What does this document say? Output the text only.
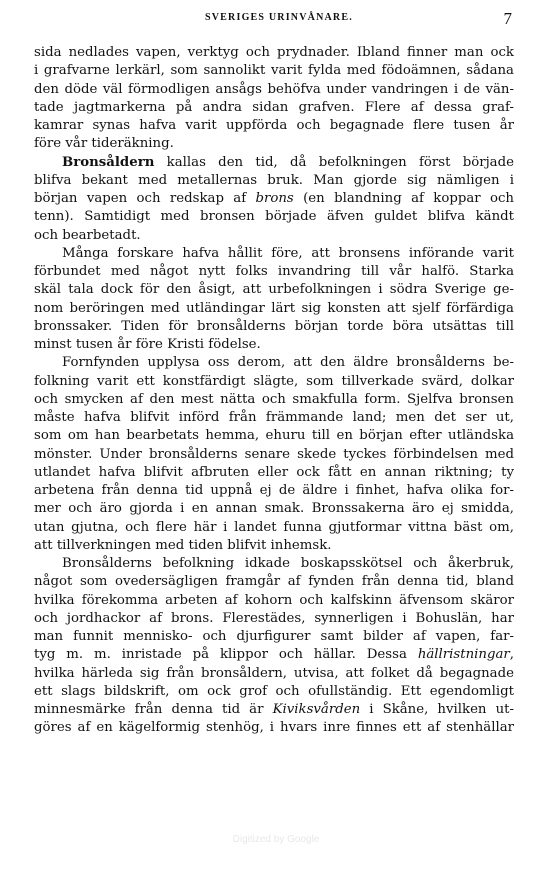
SVERIGES URINVÅNARE.	7
sida nedlades vapen, verktyg och prydnader. Ibland finner man ock
i grafvarne lerkärl, som sannolikt varit fylda med födoämnen, sådana
den döde väl förmodligen ansågs behöfva under vandringen i de vän-
tade jagtmarkerna på andra sidan grafven. Flere af dessa graf-
kamrar synas hafva varit uppförda och begagnade flere tusen år
före vår tideräkning.
Bronsåldern kallas den tid, då befolkningen först började
blifva bekant med metallernas bruk. Man gjorde sig nämligen i
början vapen och redskap af brons (en blandning af koppar och
tenn). Samtidigt med bronsen började äfven guldet blifva kändt
och bearbetadt.
Många forskare hafva hållit före, att bronsens införande varit
förbundet med något nytt folks invandring till vår halfö. Starka
skäl tala dock för den åsigt, att urbefolkningen i södra Sverige ge-
nom beröringen med utländingar lärt sig konsten att sjelf förfärdiga
bronssaker. Tiden för bronsålderns början torde böra utsättas till
minst tusen år före Kristi födelse.
Fornfynden upplysa oss derom, att den äldre bronsålderns be-
folkning varit ett konstfärdigt slägte, som tillverkade svärd, dolkar
och smycken af den mest nätta och smakfulla form. Sjelfva bronsen
måste hafva blifvit införd från främmande land; men det ser ut,
som om han bearbetats hemma, ehuru till en början efter utländska
mönster. Under bronsålderns senare skede tyckes förbindelsen med
utlandet hafva blifvit afbruten eller ock fått en annan riktning; ty
arbetena från denna tid uppnå ej de äldre i finhet, hafva olika for-
mer och äro gjorda i en annan smak. Bronssakerna äro ej smidda,
utan gjutna, och flere här i landet funna gjutformar vittna bäst om,
att tillverkningen med tiden blifvit inhemsk.
Bronsålderns befolkning idkade boskapsskötsel och åkerbruk,
något som ovedersägligen framgår af fynden från denna tid, bland
hvilka förekomma arbeten af kohorn och kalfskinn äfvensom skäror
och jordhackor af brons. Flerestädes, synnerligen i Bohuslän, har
man funnit mennisko- och djurfigurer samt bilder af vapen, far-
tyg m. m. inristade på klippor och hällar. Dessa hällristningar,
hvilka härleda sig från bronsåldern, utvisa, att folket då begagnade
ett slags bildskrift, om ock grof och ofullständig. Ett egendomligt
minnesmärke från denna tid är Kiviksvården i Skåne, hvilken ut-
göres af en kägelformig stenhög, i hvars inre finnes ett af stenhällar
Digitized by Google
